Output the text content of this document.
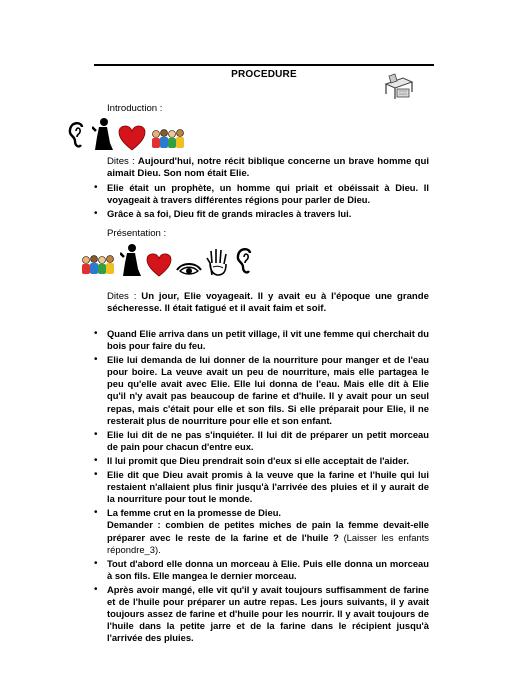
PROCEDURE
Introduction :
Dites : Aujourd'hui, notre récit biblique concerne un brave homme qui aimait Dieu. Son nom était Elie.
• Elie était un prophète, un homme qui priait et obéissait à Dieu. Il voyageait à travers différentes régions pour parler de Dieu.
• Grâce à sa foi, Dieu fit de grands miracles à travers lui.
Présentation :
Dites : Un jour, Elie voyageait. Il y avait eu à l'époque une grande sécheresse. Il était fatigué et il avait faim et soif.
• Quand Elie arriva dans un petit village, il vit une femme qui cherchait du bois pour faire du feu.
• Elie lui demanda de lui donner de la nourriture pour manger et de l'eau pour boire. La veuve avait un peu de nourriture, mais elle partagea le peu qu'elle avait avec Elie. Elle lui donna de l'eau. Mais elle dit à Elie qu'il n'y avait pas beaucoup de farine et d'huile. Il y avait pour un seul repas, mais c'était pour elle et son fils. Si elle préparait pour Elie, il ne resterait plus de nourriture pour elle et son enfant.
• Elie lui dit de ne pas s'inquiéter. Il lui dit de préparer un petit morceau de pain pour chacun d'entre eux.
• Il lui promit que Dieu prendrait soin d'eux si elle acceptait de l'aider.
• Elie dit que Dieu avait promis à la veuve que la farine et l'huile qui lui restaient n'allaient plus finir jusqu'à l'arrivée des pluies et il y aurait de la nourriture pour tout le monde.
• La femme crut en la promesse de Dieu.
Demander : combien de petites miches de pain la femme devait-elle préparer avec le reste de la farine et de l'huile ? (Laisser les enfants répondre_3).
• Tout d'abord elle donna un morceau à Elie. Puis elle donna un morceau à son fils. Elle mangea le dernier morceau.
• Après avoir mangé, elle vit qu'il y avait toujours suffisamment de farine et de l'huile pour préparer un autre repas. Les jours suivants, il y avait toujours assez de farine et d'huile pour les nourrir. Il y avait toujours de l'huile dans la petite jarre et de la farine dans le récipient jusqu'à l'arrivée des pluies.
